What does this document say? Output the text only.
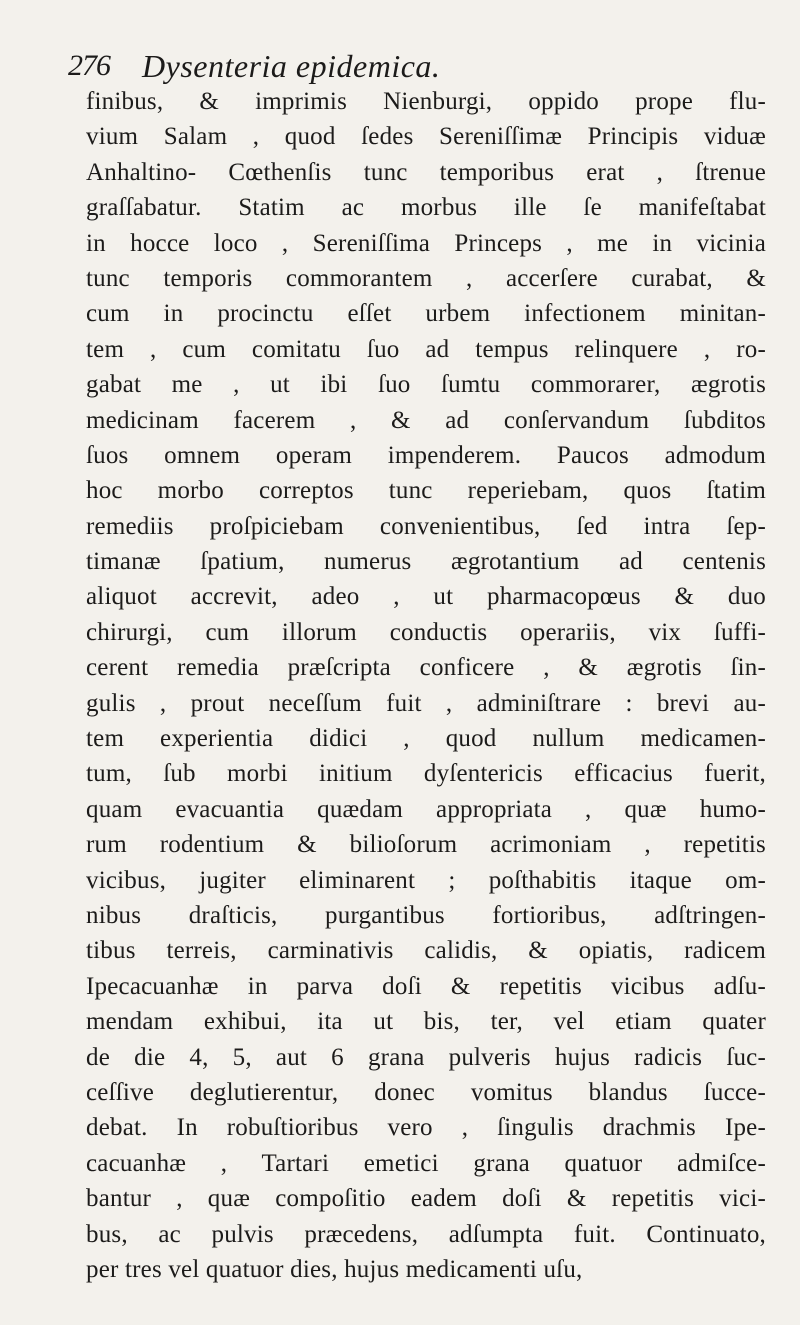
276 Dysenteria epidemica.
finibus, & imprimis Nienburgi, oppido prope flu-
vium Salam , quod ſedes Sereniſſimæ Principis viduæ
Anhaltino- Cœthenſis tunc temporibus erat , ſtrenue
graſſabatur. Statim ac morbus ille ſe manifeſtabat
in hocce loco , Sereniſſima Princeps , me in vicinia
tunc temporis commorantem , accerſere curabat, &
cum in procinctu eſſet urbem infectionem minitan-
tem , cum comitatu ſuo ad tempus relinquere , ro-
gabat me , ut ibi ſuo ſumtu commorarer, ægrotis
medicinam facerem , & ad conſervandum ſubditos
ſuos omnem operam impenderem. Paucos admodum
hoc morbo correptos tunc reperiebam, quos ſtatim
remediis proſpiciebam convenientibus, ſed intra ſep-
timanæ ſpatium, numerus ægrotantium ad centenis
aliquot accrevit, adeo , ut pharmacopœus & duo
chirurgi, cum illorum conductis operariis, vix ſuffi-
cerent remedia præſcripta conficere , & ægrotis ſin-
gulis , prout neceſſum fuit , adminiſtrare : brevi au-
tem experientia didici , quod nullum medicamen-
tum, ſub morbi initium dyſentericis efficacius fuerit,
quam evacuantia quædam appropriata , quæ humo-
rum rodentium & bilioſorum acrimoniam , repetitis
vicibus, jugiter eliminarent ; poſthabitis itaque om-
nibus draſticis, purgantibus fortioribus, adſtringen-
tibus terreis, carminativis calidis, & opiatis, radicem
Ipecacuanhæ in parva doſi & repetitis vicibus adſu-
mendam exhibui, ita ut bis, ter, vel etiam quater
de die 4, 5, aut 6 grana pulveris hujus radicis ſuc-
ceſſive deglutierentur, donec vomitus blandus ſucce-
debat. In robuſtioribus vero , ſingulis drachmis Ipe-
cacuanhæ , Tartari emetici grana quatuor admiſce-
bantur , quæ compoſitio eadem doſi & repetitis vici-
bus, ac pulvis præcedens, adſumpta fuit. Continuato,
per tres vel quatuor dies, hujus medicamenti uſu,
